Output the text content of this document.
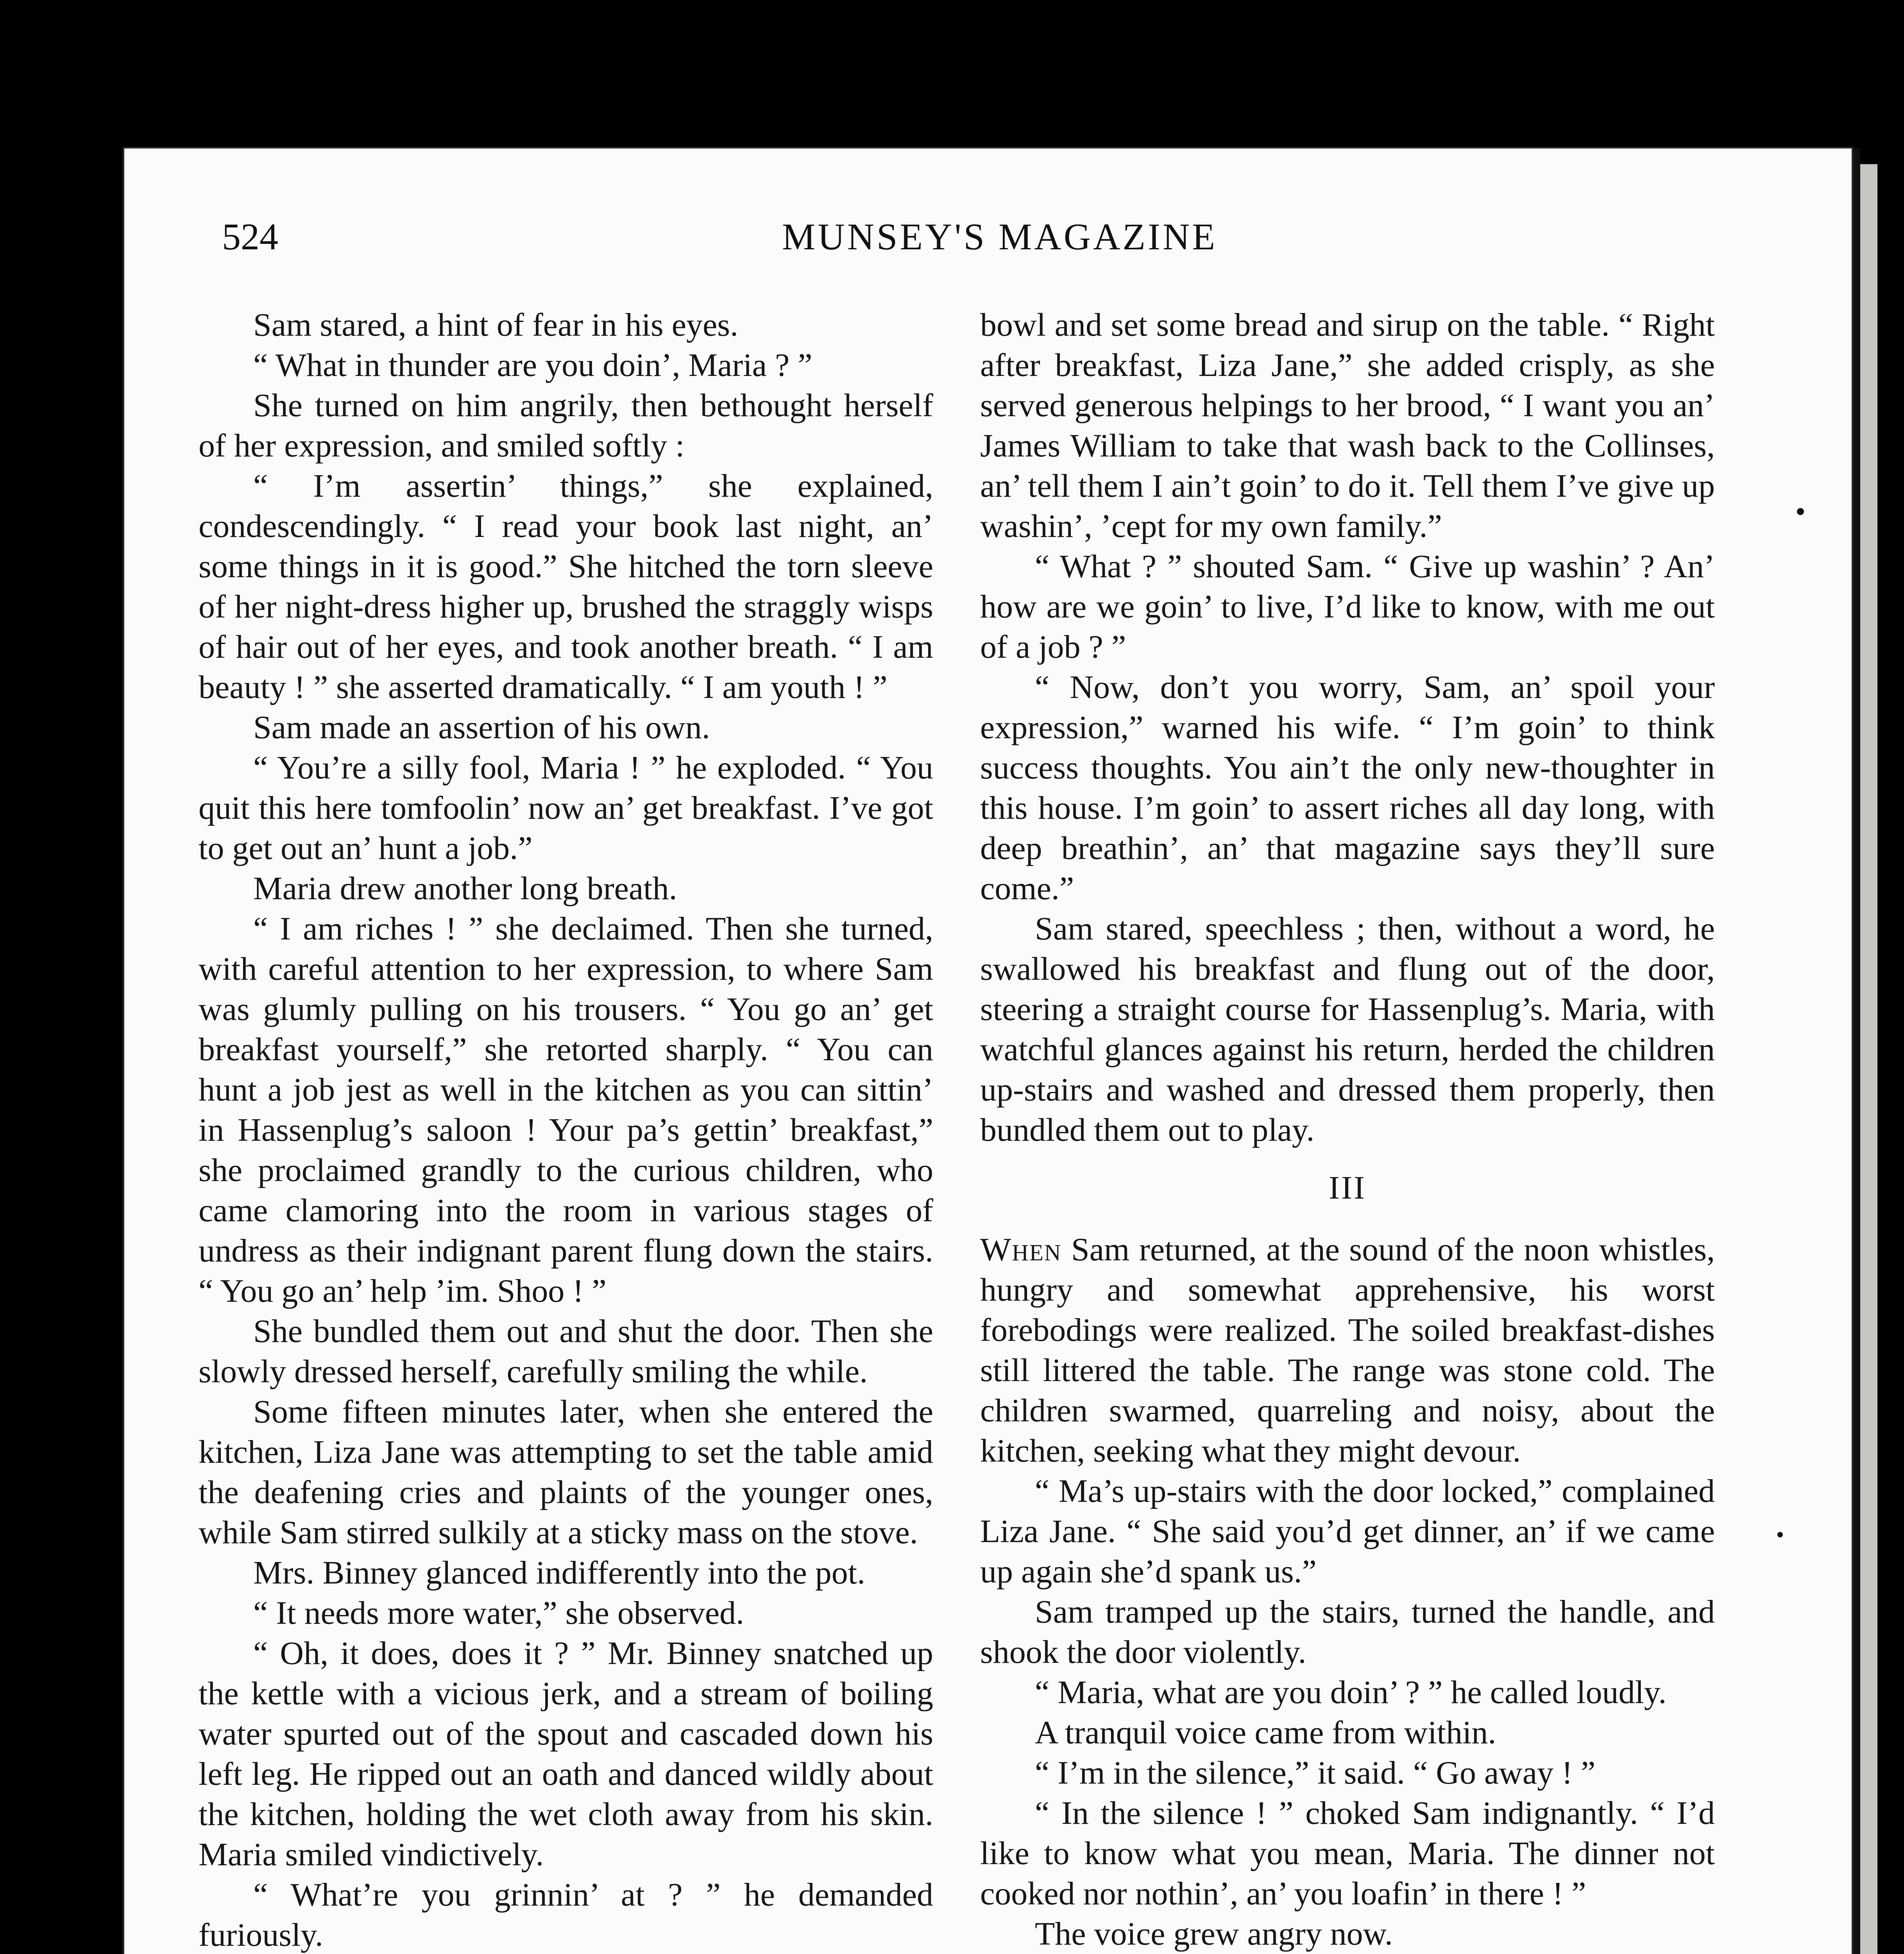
524	MUNSEY'S MAGAZINE

Sam stared, a hint of fear in his eyes.

“ What in thunder are you doin’, Maria ? ”

She turned on him angrily, then bethought herself of her expression, and smiled softly :

“ I’m assertin’ things,” she explained, condescendingly. “ I read your book last night, an’ some things in it is good.” She hitched the torn sleeve of her night-dress higher up, brushed the straggly wisps of hair out of her eyes, and took another breath. “ I am beauty ! ” she asserted dramatically. “ I am youth ! ”

Sam made an assertion of his own.

“ You’re a silly fool, Maria ! ” he exploded. “ You quit this here tomfoolin’ now an’ get breakfast. I’ve got to get out an’ hunt a job.”

Maria drew another long breath.

“ I am riches ! ” she declaimed. Then she turned, with careful attention to her expression, to where Sam was glumly pulling on his trousers. “ You go an’ get breakfast yourself,” she retorted sharply. “ You can hunt a job jest as well in the kitchen as you can sittin’ in Hassenplug’s saloon ! Your pa’s gettin’ breakfast,” she proclaimed grandly to the curious children, who came clamoring into the room in various stages of undress as their indignant parent flung down the stairs. “ You go an’ help ’im. Shoo ! ”

She bundled them out and shut the door. Then she slowly dressed herself, carefully smiling the while.

Some fifteen minutes later, when she entered the kitchen, Liza Jane was attempting to set the table amid the deafening cries and plaints of the younger ones, while Sam stirred sulkily at a sticky mass on the stove.

Mrs. Binney glanced indifferently into the pot.

“ It needs more water,” she observed.

“ Oh, it does, does it ? ” Mr. Binney snatched up the kettle with a vicious jerk, and a stream of boiling water spurted out of the spout and cascaded down his left leg. He ripped out an oath and danced wildly about the kitchen, holding the wet cloth away from his skin. Maria smiled vindictively.

“ What’re you grinnin’ at ? ” he demanded furiously.

bowl and set some bread and sirup on the table. “ Right after breakfast, Liza Jane,” she added crisply, as she served generous helpings to her brood, “ I want you an’ James William to take that wash back to the Collinses, an’ tell them I ain’t goin’ to do it. Tell them I’ve give up washin’, ’cept for my own family.”

“ What ? ” shouted Sam. “ Give up washin’ ? An’ how are we goin’ to live, I’d like to know, with me out of a job ? ”

“ Now, don’t you worry, Sam, an’ spoil your expression,” warned his wife. “ I’m goin’ to think success thoughts. You ain’t the only new-thoughter in this house. I’m goin’ to assert riches all day long, with deep breathin’, an’ that magazine says they’ll sure come.”

Sam stared, speechless ; then, without a word, he swallowed his breakfast and flung out of the door, steering a straight course for Hassenplug’s. Maria, with watchful glances against his return, herded the children up-stairs and washed and dressed them properly, then bundled them out to play.

III

When Sam returned, at the sound of the noon whistles, hungry and somewhat apprehensive, his worst forebodings were realized. The soiled breakfast-dishes still littered the table. The range was stone cold. The children swarmed, quarreling and noisy, about the kitchen, seeking what they might devour.

“ Ma’s up-stairs with the door locked,” complained Liza Jane. “ She said you’d get dinner, an’ if we came up again she’d spank us.”

Sam tramped up the stairs, turned the handle, and shook the door violently.

“ Maria, what are you doin’ ? ” he called loudly.

A tranquil voice came from within.

“ I’m in the silence,” it said. “ Go away ! ”

“ In the silence ! ” choked Sam indignantly. “ I’d like to know what you mean, Maria. The dinner not cooked nor nothin’, an’ you loafin’ in there ! ”

The voice grew angry now.
